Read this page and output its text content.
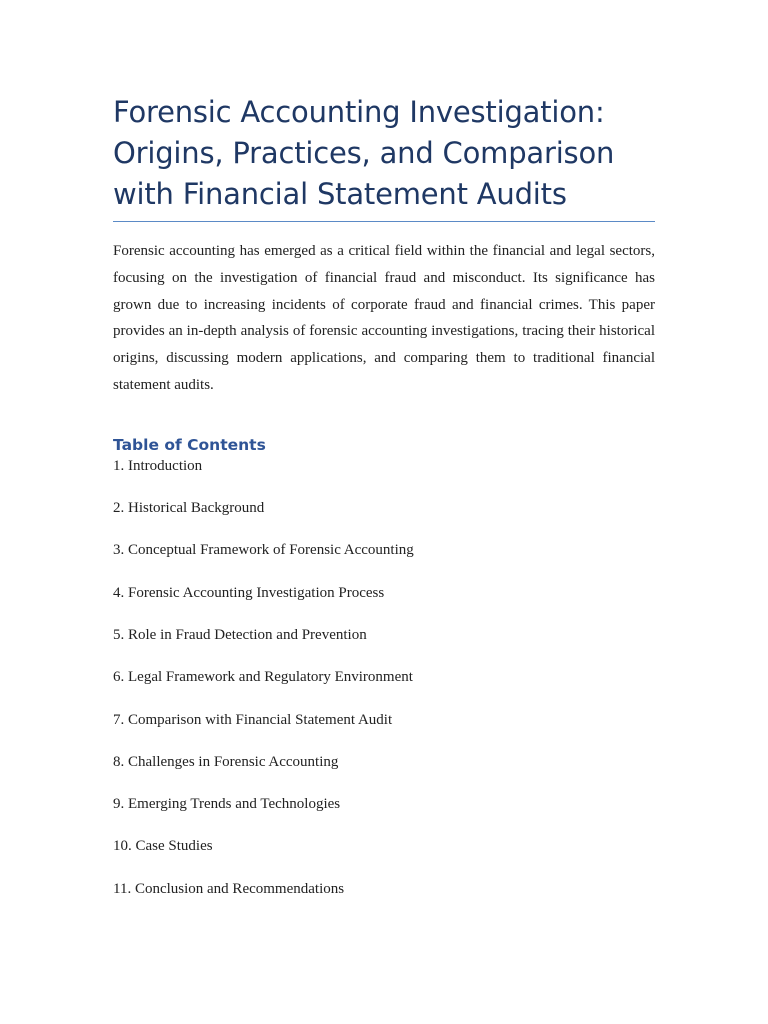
Forensic Accounting Investigation: Origins, Practices, and Comparison with Financial Statement Audits

Forensic accounting has emerged as a critical field within the financial and legal sectors, focusing on the investigation of financial fraud and misconduct. Its significance has grown due to increasing incidents of corporate fraud and financial crimes. This paper provides an in-depth analysis of forensic accounting investigations, tracing their historical origins, discussing modern applications, and comparing them to traditional financial statement audits.

Table of Contents
1. Introduction
2. Historical Background
3. Conceptual Framework of Forensic Accounting
4. Forensic Accounting Investigation Process
5. Role in Fraud Detection and Prevention
6. Legal Framework and Regulatory Environment
7. Comparison with Financial Statement Audit
8. Challenges in Forensic Accounting
9. Emerging Trends and Technologies
10. Case Studies
11. Conclusion and Recommendations
